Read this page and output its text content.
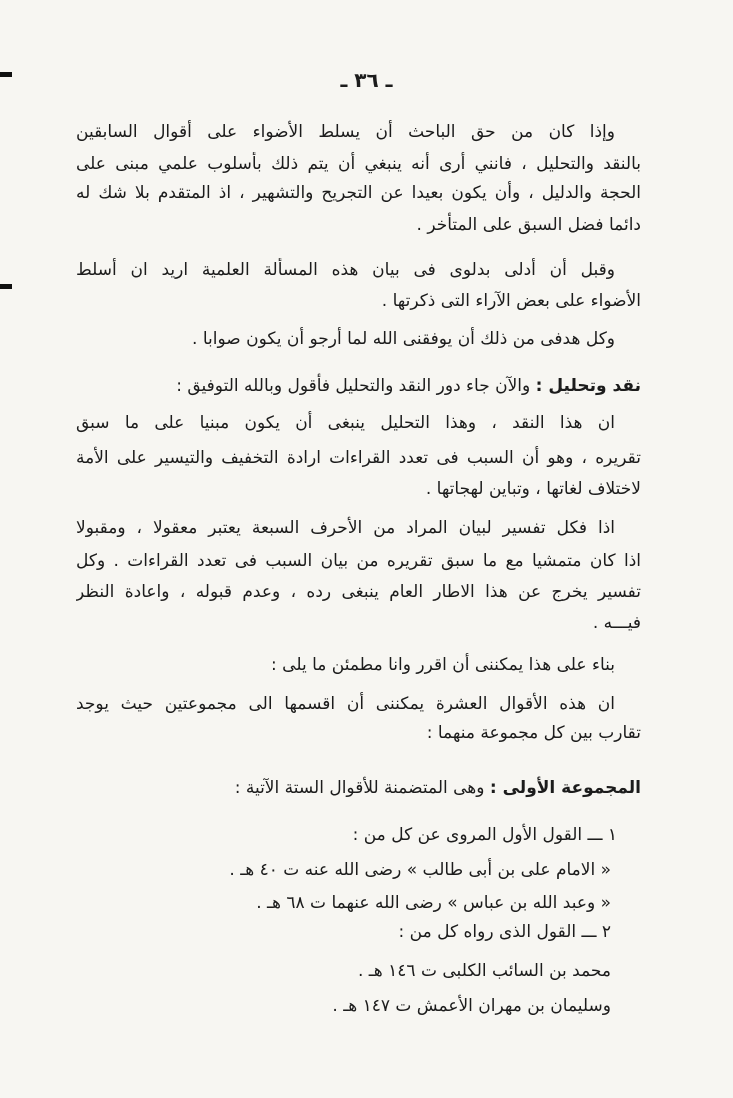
ـ ٣٦ ـ
وإذا كان من حق الباحث أن يسلط الأضواء على أقوال السابقين
بالنقد والتحليل ، فانني أرى أنه ينبغي أن يتم ذلك بأسلوب علمي مبنى على
الحجة والدليل ، وأن يكون بعيدا عن التجريح والتشهير ، اذ المتقدم بلا شك له
دائما فضل السبق على المتأخر .
وقبل أن أدلى بدلوى فى بيان هذه المسألة العلمية اريد ان أسلط
الأضواء على بعض الآراء التى ذكرتها .
وكل هدفى من ذلك أن يوفقنى الله لما أرجو أن يكون صوابا .
نقد وتحليل : والآن جاء دور النقد والتحليل فأقول وبالله التوفيق :
ان هذا النقد ، وهذا التحليل ينبغى أن يكون مبنيا على ما سبق
تقريره ، وهو أن السبب فى تعدد القراءات ارادة التخفيف والتيسير على الأمة
لاختلاف لغاتها ، وتباين لهجاتها .
اذا فكل تفسير لبيان المراد من الأحرف السبعة يعتبر معقولا ، ومقبولا
اذا كان متمشيا مع ما سبق تقريره من بيان السبب فى تعدد القراءات . وكل
تفسير يخرج عن هذا الاطار العام ينبغى رده ، وعدم قبوله ، واعادة النظر
فيـــه .
بناء على هذا يمكننى أن اقرر وانا مطمئن ما يلى :
ان هذه الأقوال العشرة يمكننى أن اقسمها الى مجموعتين حيث يوجد
تقارب بين كل مجموعة منهما :
المجموعة الأولى : وهى المتضمنة للأقوال الستة الآتية :
١ ـــ القول الأول المروى عن كل من :
« الامام على بن أبى طالب » رضى الله عنه ت ٤٠ هـ .
« وعبد الله بن عباس » رضى الله عنهما ت ٦٨ هـ .
٢ ـــ القول الذى رواه كل من :
محمد بن السائب الكلبى ت ١٤٦ هـ .
وسليمان بن مهران الأعمش ت ١٤٧ هـ .
